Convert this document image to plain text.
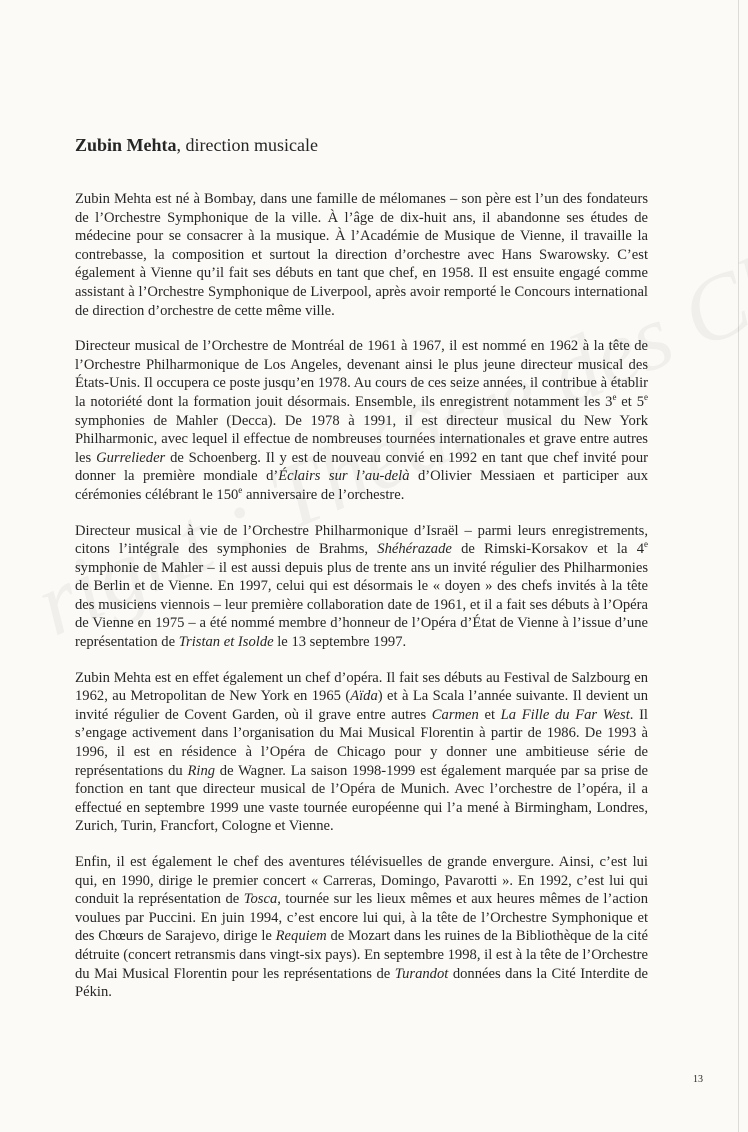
Zubin Mehta, direction musicale

Zubin Mehta est né à Bombay, dans une famille de mélomanes – son père est l’un des fondateurs de l’Orchestre Symphonique de la ville. À l’âge de dix-huit ans, il abandonne ses études de médecine pour se consacrer à la musique. À l’Académie de Musique de Vienne, il travaille la contrebasse, la composition et surtout la direction d’orchestre avec Hans Swarowsky. C’est également à Vienne qu’il fait ses débuts en tant que chef, en 1958. Il est ensuite engagé comme assistant à l’Orchestre Symphonique de Liverpool, après avoir remporté le Concours international de direction d’orchestre de cette même ville.

Directeur musical de l’Orchestre de Montréal de 1961 à 1967, il est nommé en 1962 à la tête de l’Orchestre Philharmonique de Los Angeles, devenant ainsi le plus jeune directeur musical des États-Unis. Il occupera ce poste jusqu’en 1978. Au cours de ces seize années, il contribue à établir la notoriété dont la formation jouit désormais. Ensemble, ils enregistrent notamment les 3e et 5e symphonies de Mahler (Decca). De 1978 à 1991, il est directeur musical du New York Philharmonic, avec lequel il effectue de nombreuses tournées internationales et grave entre autres les Gurrelieder de Schoenberg. Il y est de nouveau convié en 1992 en tant que chef invité pour donner la première mondiale d’Éclairs sur l’au-delà d’Olivier Messiaen et participer aux cérémonies célébrant le 150e anniversaire de l’orchestre.

Directeur musical à vie de l’Orchestre Philharmonique d’Israël – parmi leurs enregistrements, citons l’intégrale des symphonies de Brahms, Shéhérazade de Rimski-Korsakov et la 4e symphonie de Mahler – il est aussi depuis plus de trente ans un invité régulier des Philharmonies de Berlin et de Vienne. En 1997, celui qui est désormais le « doyen » des chefs invités à la tête des musiciens viennois – leur première collaboration date de 1961, et il a fait ses débuts à l’Opéra de Vienne en 1975 – a été nommé membre d’honneur de l’Opéra d’État de Vienne à l’issue d’une représentation de Tristan et Isolde le 13 septembre 1997.

Zubin Mehta est en effet également un chef d’opéra. Il fait ses débuts au Festival de Salzbourg en 1962, au Metropolitan de New York en 1965 (Aïda) et à La Scala l’année suivante. Il devient un invité régulier de Covent Garden, où il grave entre autres Carmen et La Fille du Far West. Il s’engage activement dans l’organisation du Mai Musical Florentin à partir de 1986. De 1993 à 1996, il est en résidence à l’Opéra de Chicago pour y donner une ambitieuse série de représentations du Ring de Wagner. La saison 1998-1999 est également marquée par sa prise de fonction en tant que directeur musical de l’Opéra de Munich. Avec l’orchestre de l’opéra, il a effectué en septembre 1999 une vaste tournée européenne qui l’a mené à Birmingham, Londres, Zurich, Turin, Francfort, Cologne et Vienne.

Enfin, il est également le chef des aventures télévisuelles de grande envergure. Ainsi, c’est lui qui, en 1990, dirige le premier concert « Carreras, Domingo, Pavarotti ». En 1992, c’est lui qui conduit la représentation de Tosca, tournée sur les lieux mêmes et aux heures mêmes de l’action voulues par Puccini. En juin 1994, c’est encore lui qui, à la tête de l’Orchestre Symphonique et des Chœurs de Sarajevo, dirige le Requiem de Mozart dans les ruines de la Bibliothèque de la cité détruite (concert retransmis dans vingt-six pays). En septembre 1998, il est à la tête de l’Orchestre du Mai Musical Florentin pour les représentations de Turandot données dans la Cité Interdite de Pékin.

13
